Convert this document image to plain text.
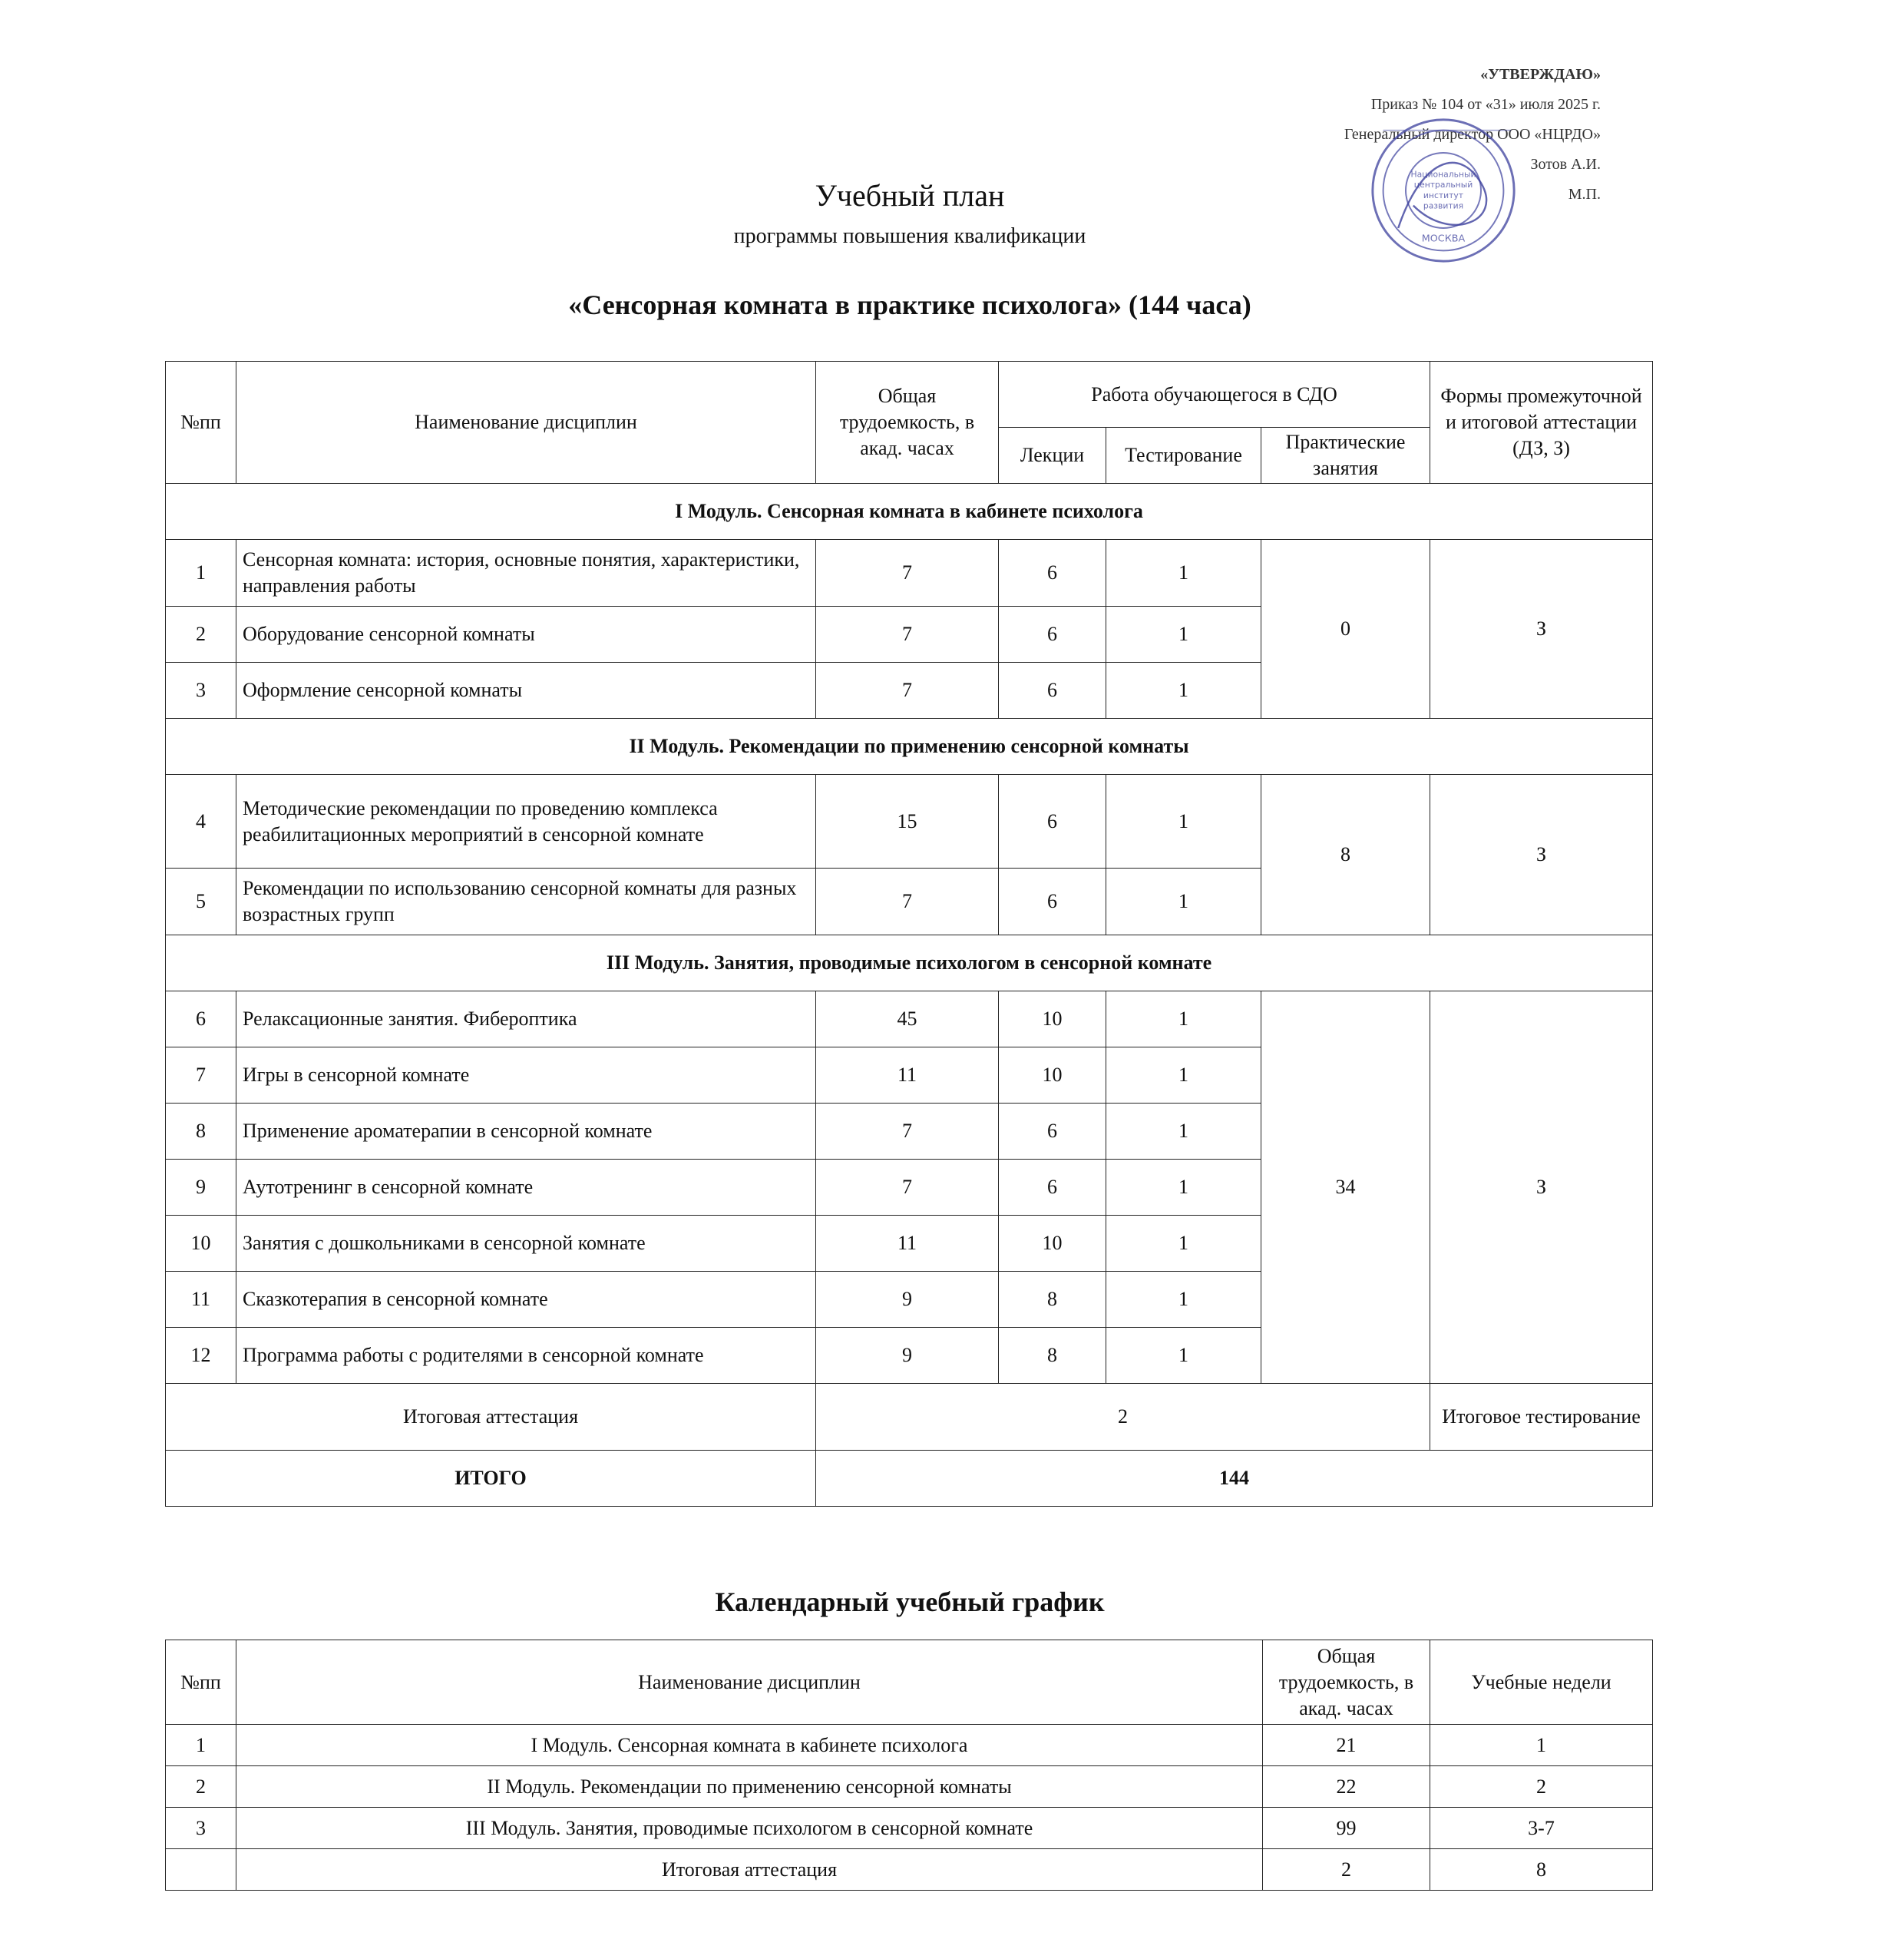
«УТВЕРЖДАЮ»
Приказ № 104 от «31» июля 2025 г.
Генеральный директор ООО «НЦРДО»
Зотов А.И.
М.П.
Национальный
центральный
институт
развития
МОСКВА
Учебный план
программы повышения квалификации
«Сенсорная комната в практике психолога» (144 часа)
№пп	Наименование дисциплин	Общая трудоемкость, в акад. часах	Работа обучающегося в СДО			Формы промежуточной и итоговой аттестации (ДЗ, З)
			Лекции	Тестирование	Практические занятия	
I Модуль. Сенсорная комната в кабинете психолога						
1	Сенсорная комната: история, основные понятия, характеристики, направления работы	7	6	1	0	З
2	Оборудование сенсорной комнаты	7	6	1		
3	Оформление сенсорной комнаты	7	6	1		
II Модуль. Рекомендации по применению сенсорной комнаты						
4	Методические рекомендации по проведению комплекса реабилитационных мероприятий в сенсорной комнате	15	6	1	8	З
5	Рекомендации по использованию сенсорной комнаты для разных возрастных групп	7	6	1		
III Модуль. Занятия, проводимые психологом в сенсорной комнате						
6	Релаксационные занятия. Фибероптика	45	10	1	34	З
7	Игры в сенсорной комнате	11	10	1		
8	Применение ароматерапии в сенсорной комнате	7	6	1		
9	Аутотренинг в сенсорной комнате	7	6	1		
10	Занятия с дошкольниками в сенсорной комнате	11	10	1		
11	Сказкотерапия в сенсорной комнате	9	8	1		
12	Программа работы с родителями в сенсорной комнате	9	8	1		
Итоговая аттестация		2				Итоговое тестирование
ИТОГО		144				
Календарный учебный график
№пп	Наименование дисциплин	Общая трудоемкость, в акад. часах	Учебные недели
1	I Модуль. Сенсорная комната в кабинете психолога	21	1
2	II Модуль. Рекомендации по применению сенсорной комнаты	22	2
3	III Модуль. Занятия, проводимые психологом в сенсорной комнате	99	3-7
	Итоговая аттестация	2	8
